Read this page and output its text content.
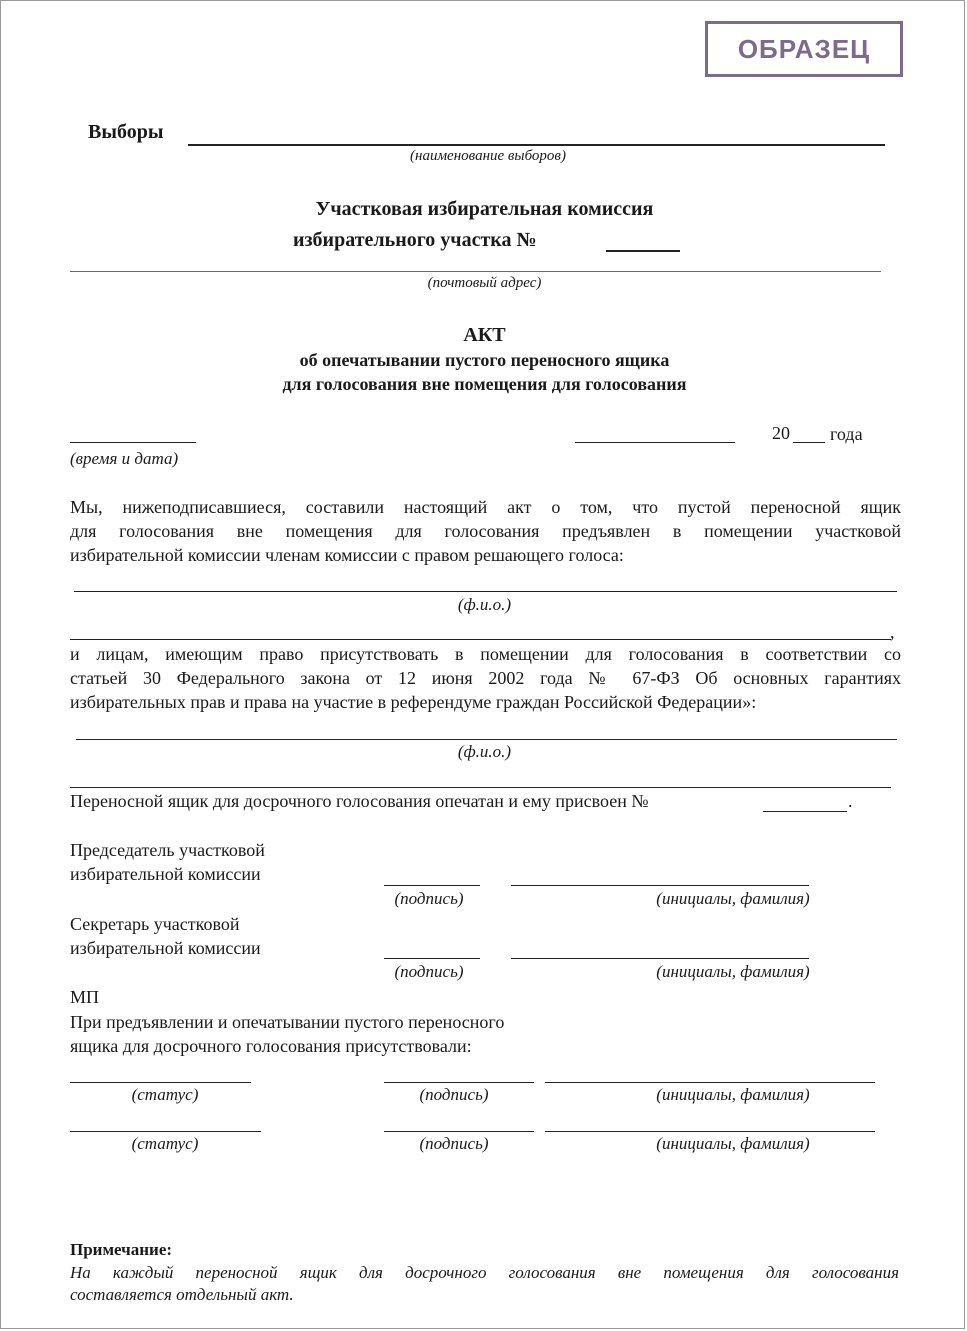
ОБРАЗЕЦ
Выборы
(наименование выборов)
Участковая избирательная комиссия
избирательного участка №
(почтовый адрес)
АКТ
об опечатывании пустого переносного ящика
для голосования вне помещения для голосования
20 года
(время и дата)
Мы, нижеподписавшиеся, составили настоящий акт о том, что пустой переносной ящик
для голосования вне помещения для голосования предъявлен в помещении участковой
избирательной комиссии членам комиссии с правом решающего голоса:
(ф.и.о.)
,
и лицам, имеющим право присутствовать в помещении для голосования в соответствии со
статьей 30 Федерального закона от 12 июня 2002 года № 67-ФЗ Об основных гарантиях
избирательных прав и права на участие в референдуме граждан Российской Федерации»:
(ф.и.о.)
Переносной ящик для досрочного голосования опечатан и ему присвоен №	.
Председатель участковой
избирательной комиссии
(подпись)	(инициалы, фамилия)
Секретарь участковой
избирательной комиссии
(подпись)	(инициалы, фамилия)
МП
При предъявлении и опечатывании пустого переносного
ящика для досрочного голосования присутствовали:
(статус)	(подпись)	(инициалы, фамилия)
(статус)	(подпись)	(инициалы, фамилия)
Примечание:
На каждый переносной ящик для досрочного голосования вне помещения для голосования
составляется отдельный акт.
